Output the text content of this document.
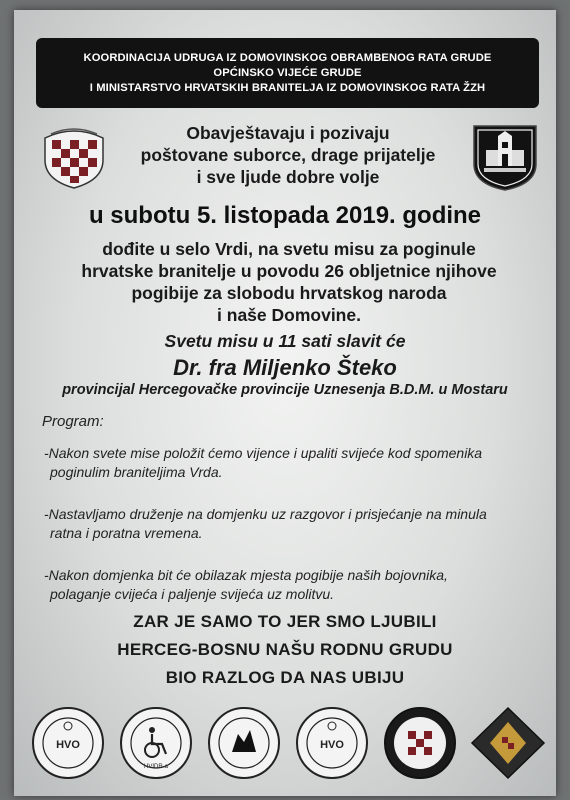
KOORDINACIJA UDRUGA IZ DOMOVINSKOG OBRAMBENOG RATA GRUDE
OPĆINSKO VIJEĆE GRUDE
I MINISTARSTVO HRVATSKIH BRANITELJA IZ DOMOVINSKOG RATA ŽZH
Obavještavaju i pozivaju
poštovane suborce, drage prijatelje
i sve ljude dobre volje
u subotu 5. listopada 2019. godine
dođite u selo Vrdi, na svetu misu za poginule
hrvatske branitelje u povodu 26 obljetnice njihove
pogibije za slobodu hrvatskog naroda
i naše Domovine.
Svetu misu u 11 sati slavit će
Dr. fra Miljenko Šteko
provincijal Hercegovačke provincije Uznesenja B.D.M. u Mostaru
Program:
-Nakon svete mise položit ćemo vijence i upaliti svijeće kod spomenika
poginulim braniteljima Vrda.
-Nastavljamo druženje na domjenku uz razgovor i prisjećanje na minula
ratna i poratna vremena.
-Nakon domjenka bit će obilazak mjesta pogibije naših bojovnika,
polaganje cvijeća i paljenje svijeća uz molitvu.
ZAR JE SAMO TO JER SMO LJUBILI
HERCEG-BOSNU NAŠU RODNU GRUDU
BIO RAZLOG DA NAS UBIJU
HVO
HVIDR-a
HVO
